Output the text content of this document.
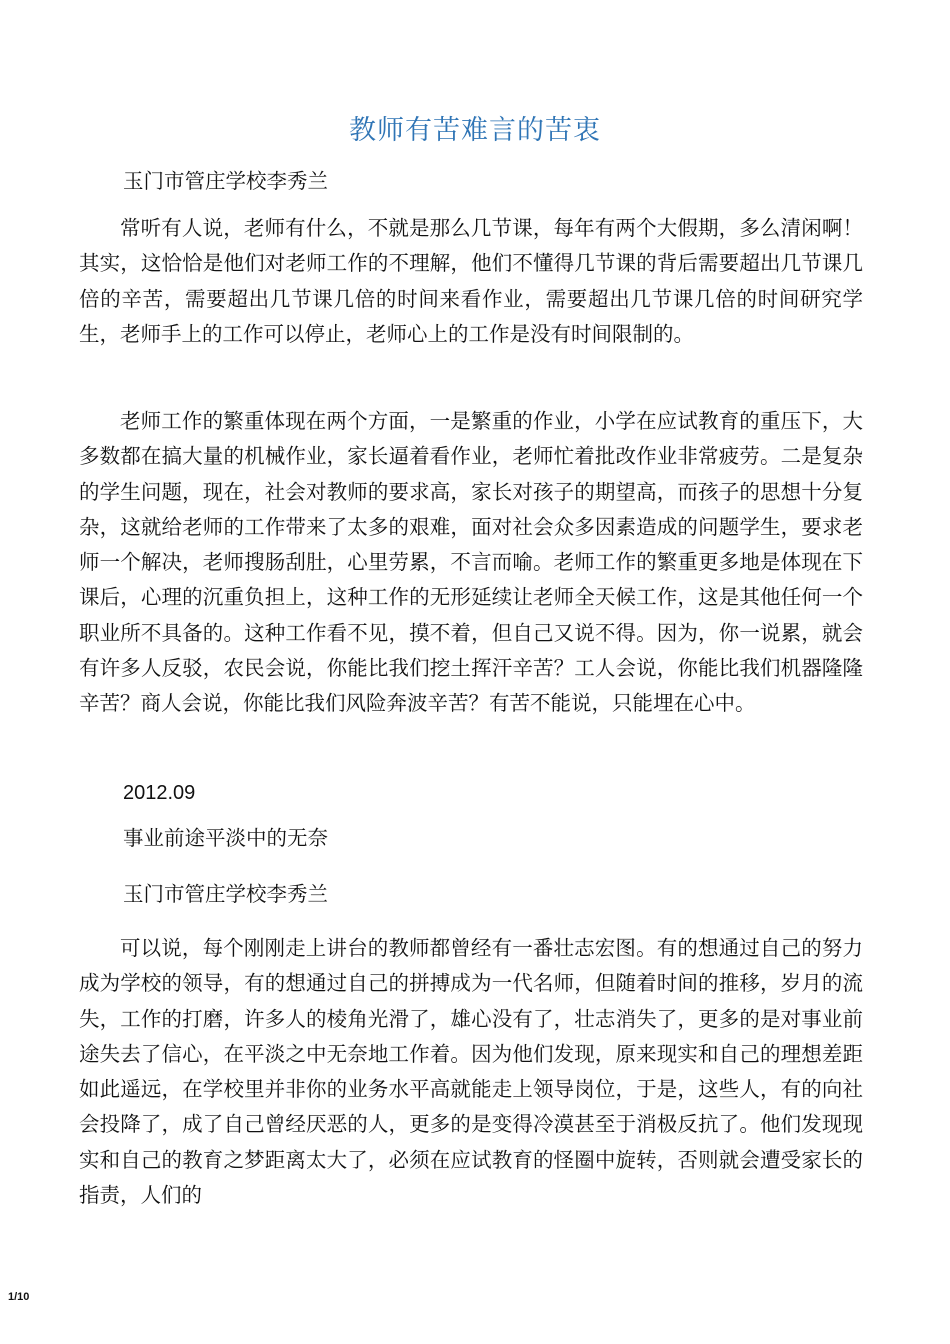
教师有苦难言的苦衷
玉门市管庄学校李秀兰

常听有人说，老师有什么，不就是那么几节课，每年有两个大假期，多么清闲啊！其实，这恰恰是他们对老师工作的不理解，他们不懂得几节课的背后需要超出几节课几倍的辛苦，需要超出几节课几倍的时间来看作业，需要超出几节课几倍的时间研究学生，老师手上的工作可以停止，老师心上的工作是没有时间限制的。

老师工作的繁重体现在两个方面，一是繁重的作业，小学在应试教育的重压下，大多数都在搞大量的机械作业，家长逼着看作业，老师忙着批改作业非常疲劳。二是复杂的学生问题，现在，社会对教师的要求高，家长对孩子的期望高，而孩子的思想十分复杂，这就给老师的工作带来了太多的艰难，面对社会众多因素造成的问题学生，要求老师一个解决，老师搜肠刮肚，心里劳累，不言而喻。老师工作的繁重更多地是体现在下课后，心理的沉重负担上，这种工作的无形延续让老师全天候工作，这是其他任何一个职业所不具备的。这种工作看不见，摸不着，但自己又说不得。因为，你一说累，就会有许多人反驳，农民会说，你能比我们挖土挥汗辛苦？工人会说，你能比我们机器隆隆辛苦？商人会说，你能比我们风险奔波辛苦？有苦不能说，只能埋在心中。

2012.09
事业前途平淡中的无奈
玉门市管庄学校李秀兰

可以说，每个刚刚走上讲台的教师都曾经有一番壮志宏图。有的想通过自己的努力成为学校的领导，有的想通过自己的拼搏成为一代名师，但随着时间的推移，岁月的流失，工作的打磨，许多人的棱角光滑了，雄心没有了，壮志消失了，更多的是对事业前途失去了信心，在平淡之中无奈地工作着。因为他们发现，原来现实和自己的理想差距如此遥远，在学校里并非你的业务水平高就能走上领导岗位，于是，这些人，有的向社会投降了，成了自己曾经厌恶的人，更多的是变得冷漠甚至于消极反抗了。他们发现现实和自己的教育之梦距离太大了，必须在应试教育的怪圈中旋转，否则就会遭受家长的指责，人们的

1/10
